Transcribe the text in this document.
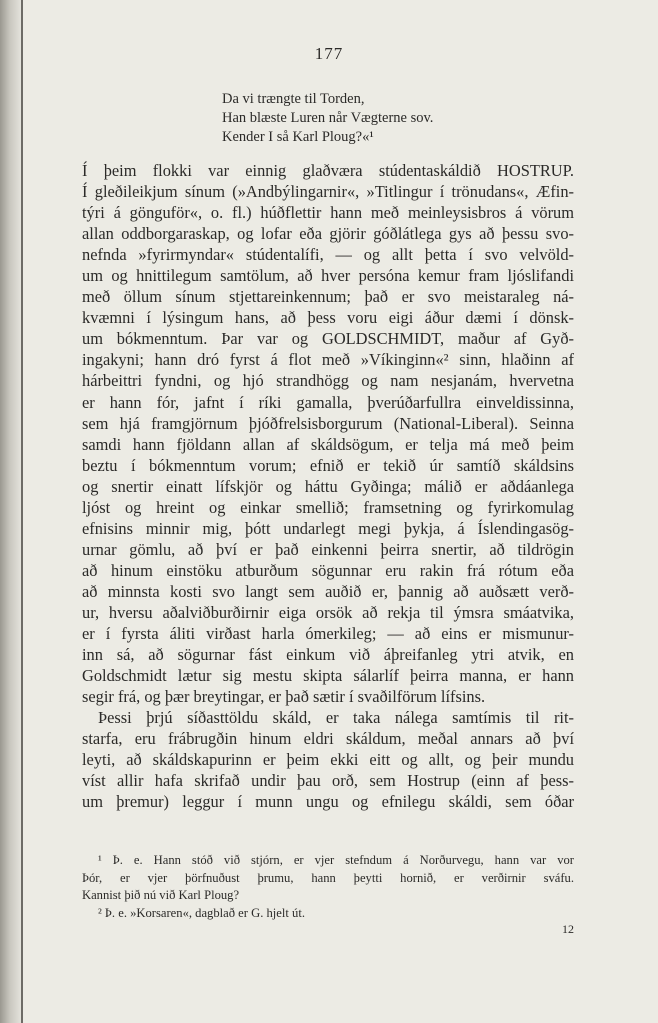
177
Da vi trængte til Torden,
Han blæste Luren når Vægterne sov.
Kender I så Karl Ploug?«¹
Í þeim flokki var einnig glaðværa stúdentaskáldið HOSTRUP.
Í gleðileikjum sínum (»Andbýlingarnir«, »Titlingur í trönudans«, Æfin-
týri á gönguför«, o. fl.) húðflettir hann með meinleysisbros á vörum
allan oddborgaraskap, og lofar eða gjörir góðlátlega gys að þessu svo-
nefnda »fyrirmyndar« stúdentalífi, — og allt þetta í svo velvöld-
um og hnittilegum samtölum, að hver persóna kemur fram ljóslifandi
með öllum sínum stjettareinkennum; það er svo meistaraleg ná-
kvæmni í lýsingum hans, að þess voru eigi áður dæmi í dönsk-
um bókmenntum. Þar var og GOLDSCHMIDT, maður af Gyð-
ingakyni; hann dró fyrst á flot með »Víkinginn«² sinn, hlaðinn af
hárbeittri fyndni, og hjó strandhögg og nam nesjanám, hvervetna
er hann fór, jafnt í ríki gamalla, þverúðarfullra einveldissinna,
sem hjá framgjörnum þjóðfrelsisborgurum (National-Liberal). Seinna
samdi hann fjöldann allan af skáldsögum, er telja má með þeim
beztu í bókmenntum vorum; efnið er tekið úr samtíð skáldsins
og snertir einatt lífskjör og háttu Gyðinga; málið er aðdáanlega
ljóst og hreint og einkar smellið; framsetning og fyrirkomulag
efnisins minnir mig, þótt undarlegt megi þykja, á Íslendingasög-
urnar gömlu, að því er það einkenni þeirra snertir, að tildrögin
að hinum einstöku atburðum sögunnar eru rakin frá rótum eða
að minnsta kosti svo langt sem auðið er, þannig að auðsætt verð-
ur, hversu aðalviðburðirnir eiga orsök að rekja til ýmsra smáatvika,
er í fyrsta áliti virðast harla ómerkileg; — að eins er mismunur-
inn sá, að sögurnar fást einkum við áþreifanleg ytri atvik, en
Goldschmidt lætur sig mestu skipta sálarlíf þeirra manna, er hann
segir frá, og þær breytingar, er það sætir í svaðilförum lífsins.
Þessi þrjú síðasttöldu skáld, er taka nálega samtímis til rit-
starfa, eru frábrugðin hinum eldri skáldum, meðal annars að því
leyti, að skáldskapurinn er þeim ekki eitt og allt, og þeir mundu
víst allir hafa skrifað undir þau orð, sem Hostrup (einn af þess-
um þremur) leggur í munn ungu og efnilegu skáldi, sem óðar
¹ Þ. e. Hann stóð við stjórn, er vjer stefndum á Norðurvegu, hann var vor
Þór, er vjer þörfnuðust þrumu, hann þeytti hornið, er verðirnir sváfu.
Kannist þið nú við Karl Ploug?
² Þ. e. »Korsaren«, dagblað er G. hjelt út.
12
